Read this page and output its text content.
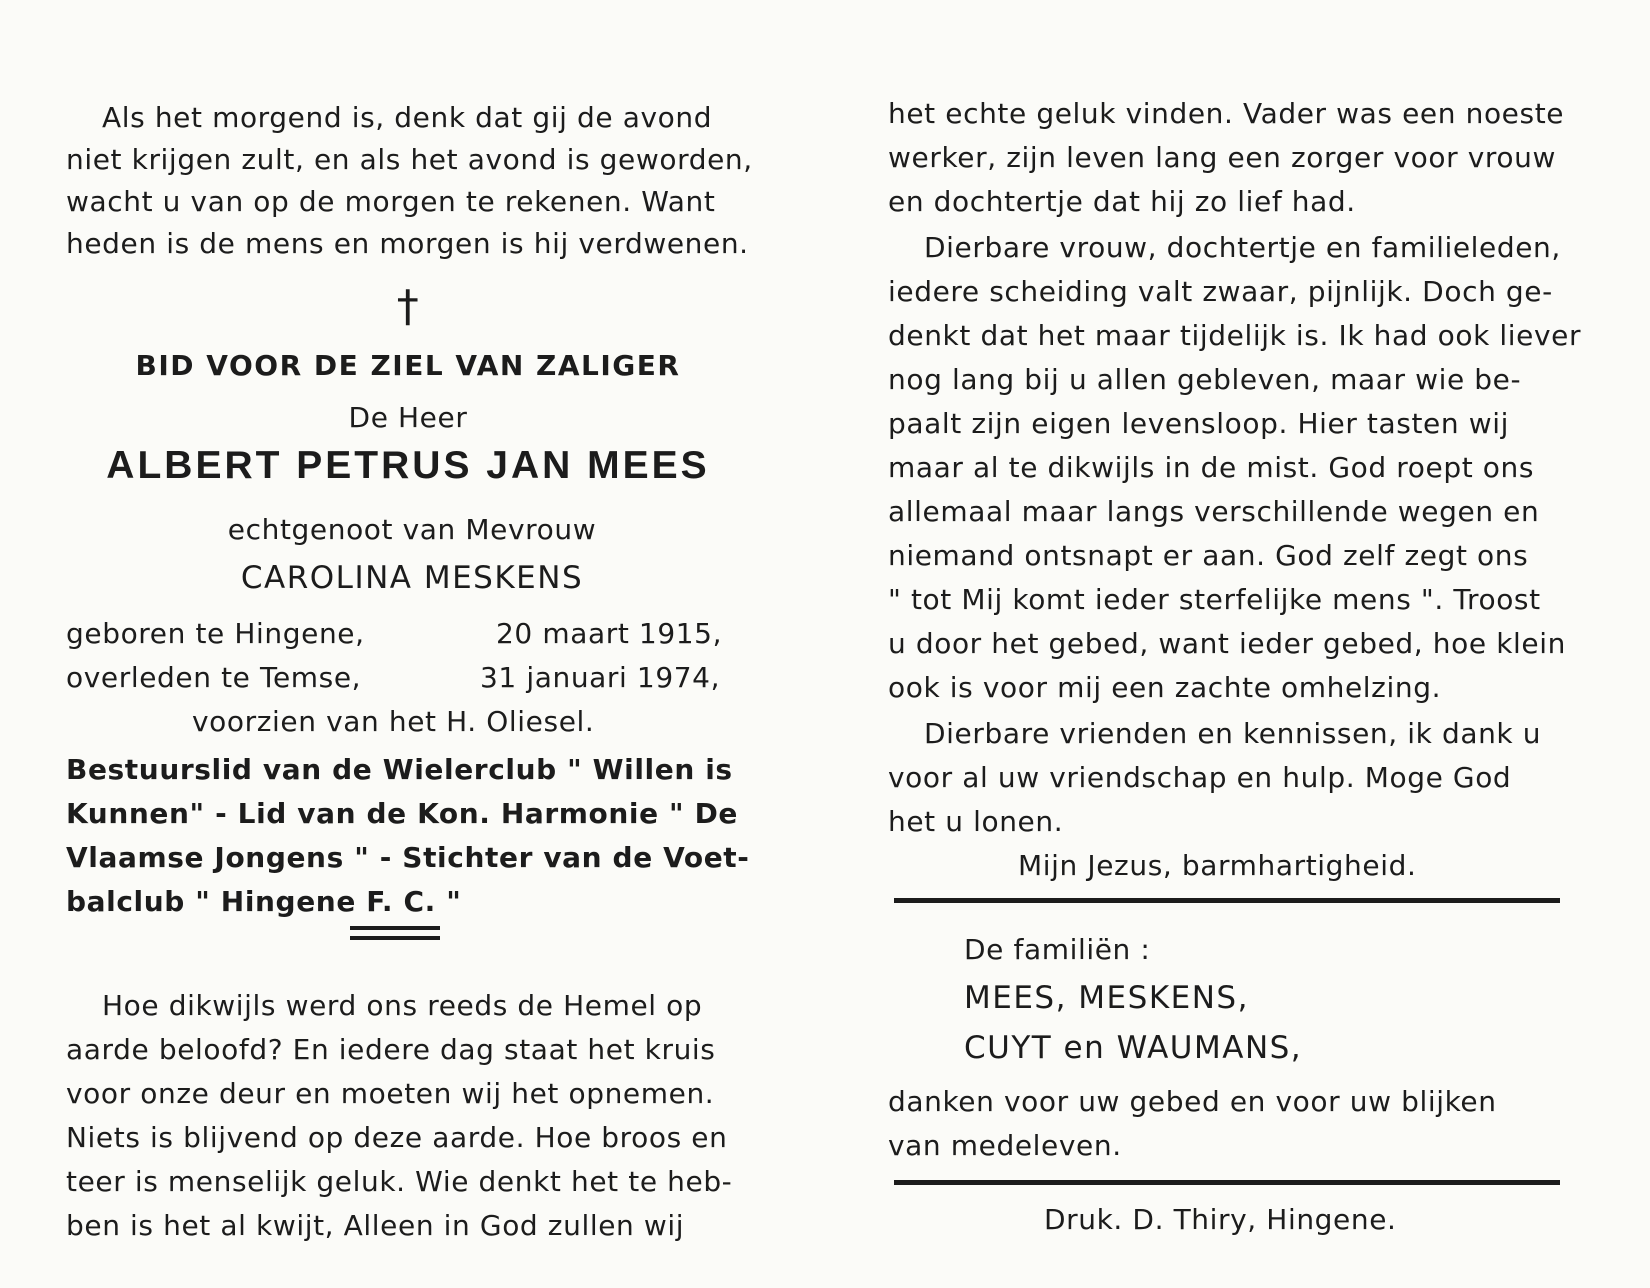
Als het morgend is, denk dat gij de avond
niet krijgen zult, en als het avond is geworden,
wacht u van op de morgen te rekenen. Want
heden is de mens en morgen is hij verdwenen.
†
BID VOOR DE ZIEL VAN ZALIGER
De Heer
ALBERT PETRUS JAN MEES
echtgenoot van Mevrouw
CAROLINA MESKENS
geboren te Hingene,	20 maart 1915,
overleden te Temse,	31 januari 1974,
voorzien van het H. Oliesel.
Bestuurslid van de Wielerclub " Willen is
Kunnen" - Lid van de Kon. Harmonie " De
Vlaamse Jongens " - Stichter van de Voet-
balclub " Hingene F. C. "
Hoe dikwijls werd ons reeds de Hemel op
aarde beloofd? En iedere dag staat het kruis
voor onze deur en moeten wij het opnemen.
Niets is blijvend op deze aarde. Hoe broos en
teer is menselijk geluk. Wie denkt het te heb-
ben is het al kwijt, Alleen in God zullen wij
het echte geluk vinden. Vader was een noeste
werker, zijn leven lang een zorger voor vrouw
en dochtertje dat hij zo lief had.
Dierbare vrouw, dochtertje en familieleden,
iedere scheiding valt zwaar, pijnlijk. Doch ge-
denkt dat het maar tijdelijk is. Ik had ook liever
nog lang bij u allen gebleven, maar wie be-
paalt zijn eigen levensloop. Hier tasten wij
maar al te dikwijls in de mist. God roept ons
allemaal maar langs verschillende wegen en
niemand ontsnapt er aan. God zelf zegt ons
" tot Mij komt ieder sterfelijke mens ". Troost
u door het gebed, want ieder gebed, hoe klein
ook is voor mij een zachte omhelzing.
Dierbare vrienden en kennissen, ik dank u
voor al uw vriendschap en hulp. Moge God
het u lonen.
Mijn Jezus, barmhartigheid.
De familiën :
MEES, MESKENS,
CUYT en WAUMANS,
danken voor uw gebed en voor uw blijken
van medeleven.
Druk. D. Thiry, Hingene.
